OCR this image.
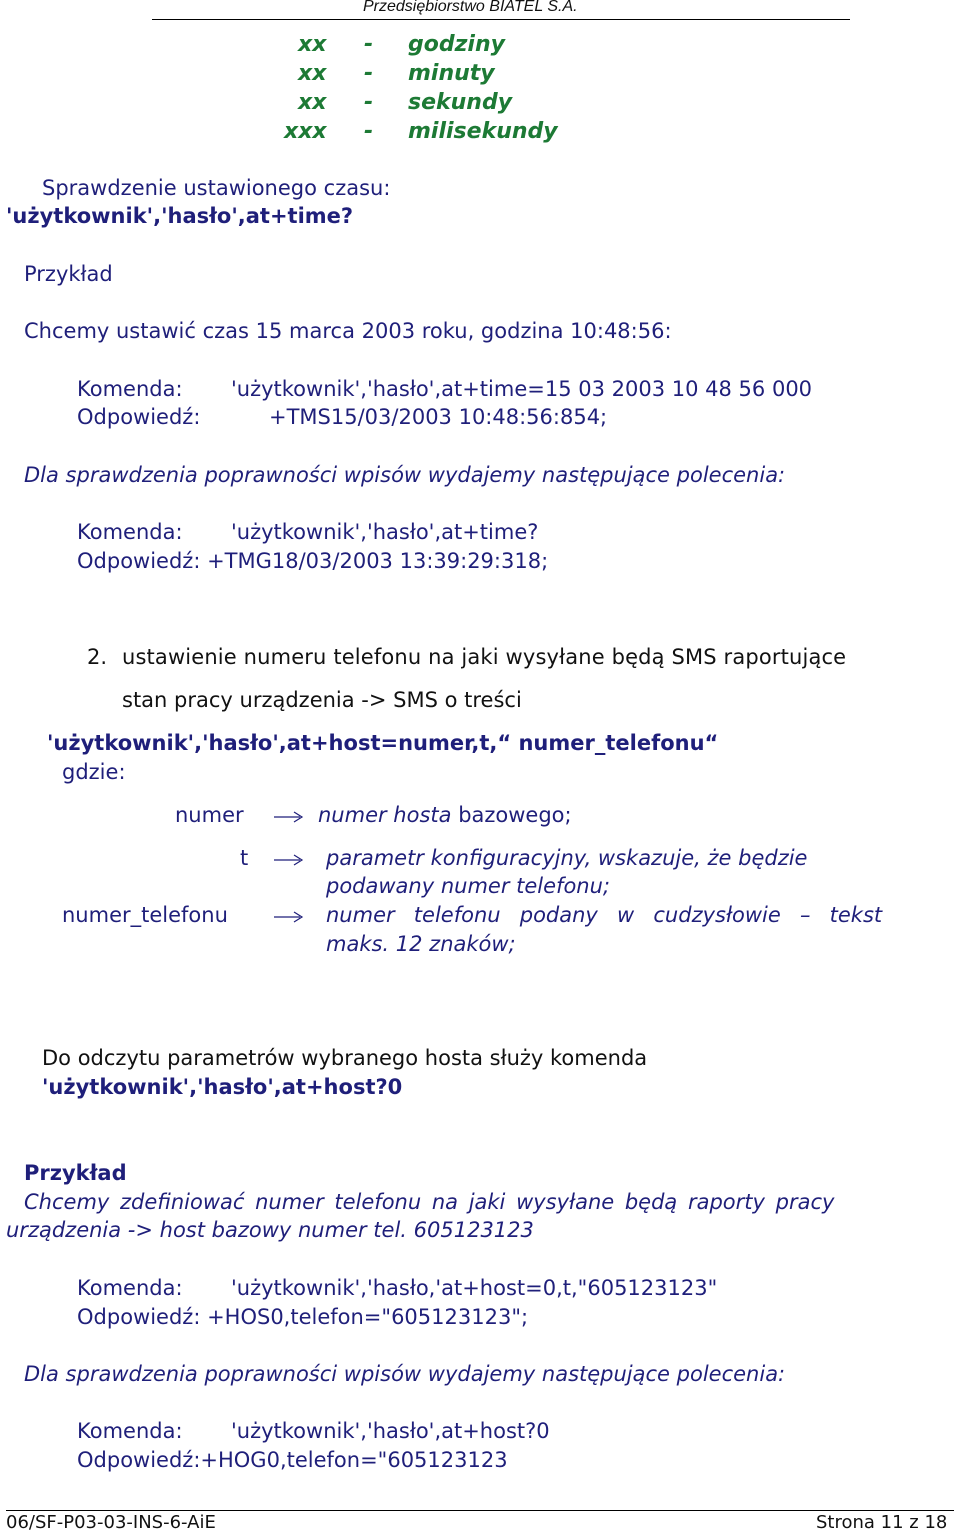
Przedsiębiorstwo BIATEL S.A.
xx - godziny
xx - minuty
xx - sekundy
xxx - milisekundy
Sprawdzenie ustawionego czasu:
'użytkownik','hasło',at+time?
Przykład
Chcemy ustawić czas 15 marca 2003 roku, godzina 10:48:56:
Komenda: 'użytkownik','hasło',at+time=15 03 2003 10 48 56 000
Odpowiedź:	+TMS15/03/2003 10:48:56:854;
Dla sprawdzenia poprawności wpisów wydajemy następujące polecenia:
Komenda: 'użytkownik','hasło',at+time?
Odpowiedź: +TMG18/03/2003 13:39:29:318;
2. ustawienie numeru telefonu na jaki wysyłane będą SMS raportujące
stan pracy urządzenia -> SMS o treści
'użytkownik','hasło',at+host=numer,t,“ numer_telefonu“
gdzie:
numer	numer hosta bazowego;
t	parametr konfiguracyjny, wskazuje, że będzie
podawany numer telefonu;
numer_telefonu	numer telefonu podany w cudzysłowie – tekst
maks. 12 znaków;
Do odczytu parametrów wybranego hosta służy komenda
'użytkownik','hasło',at+host?0
Przykład
Chcemy zdefiniować numer telefonu na jaki wysyłane będą raporty pracy
urządzenia -> host bazowy numer tel. 605123123
Komenda: 'użytkownik','hasło,'at+host=0,t,"605123123"
Odpowiedź: +HOS0,telefon="605123123";
Dla sprawdzenia poprawności wpisów wydajemy następujące polecenia:
Komenda: 'użytkownik','hasło',at+host?0
Odpowiedź:+HOG0,telefon="605123123
06/SF-P03-03-INS-6-AiE	Strona 11 z 18
